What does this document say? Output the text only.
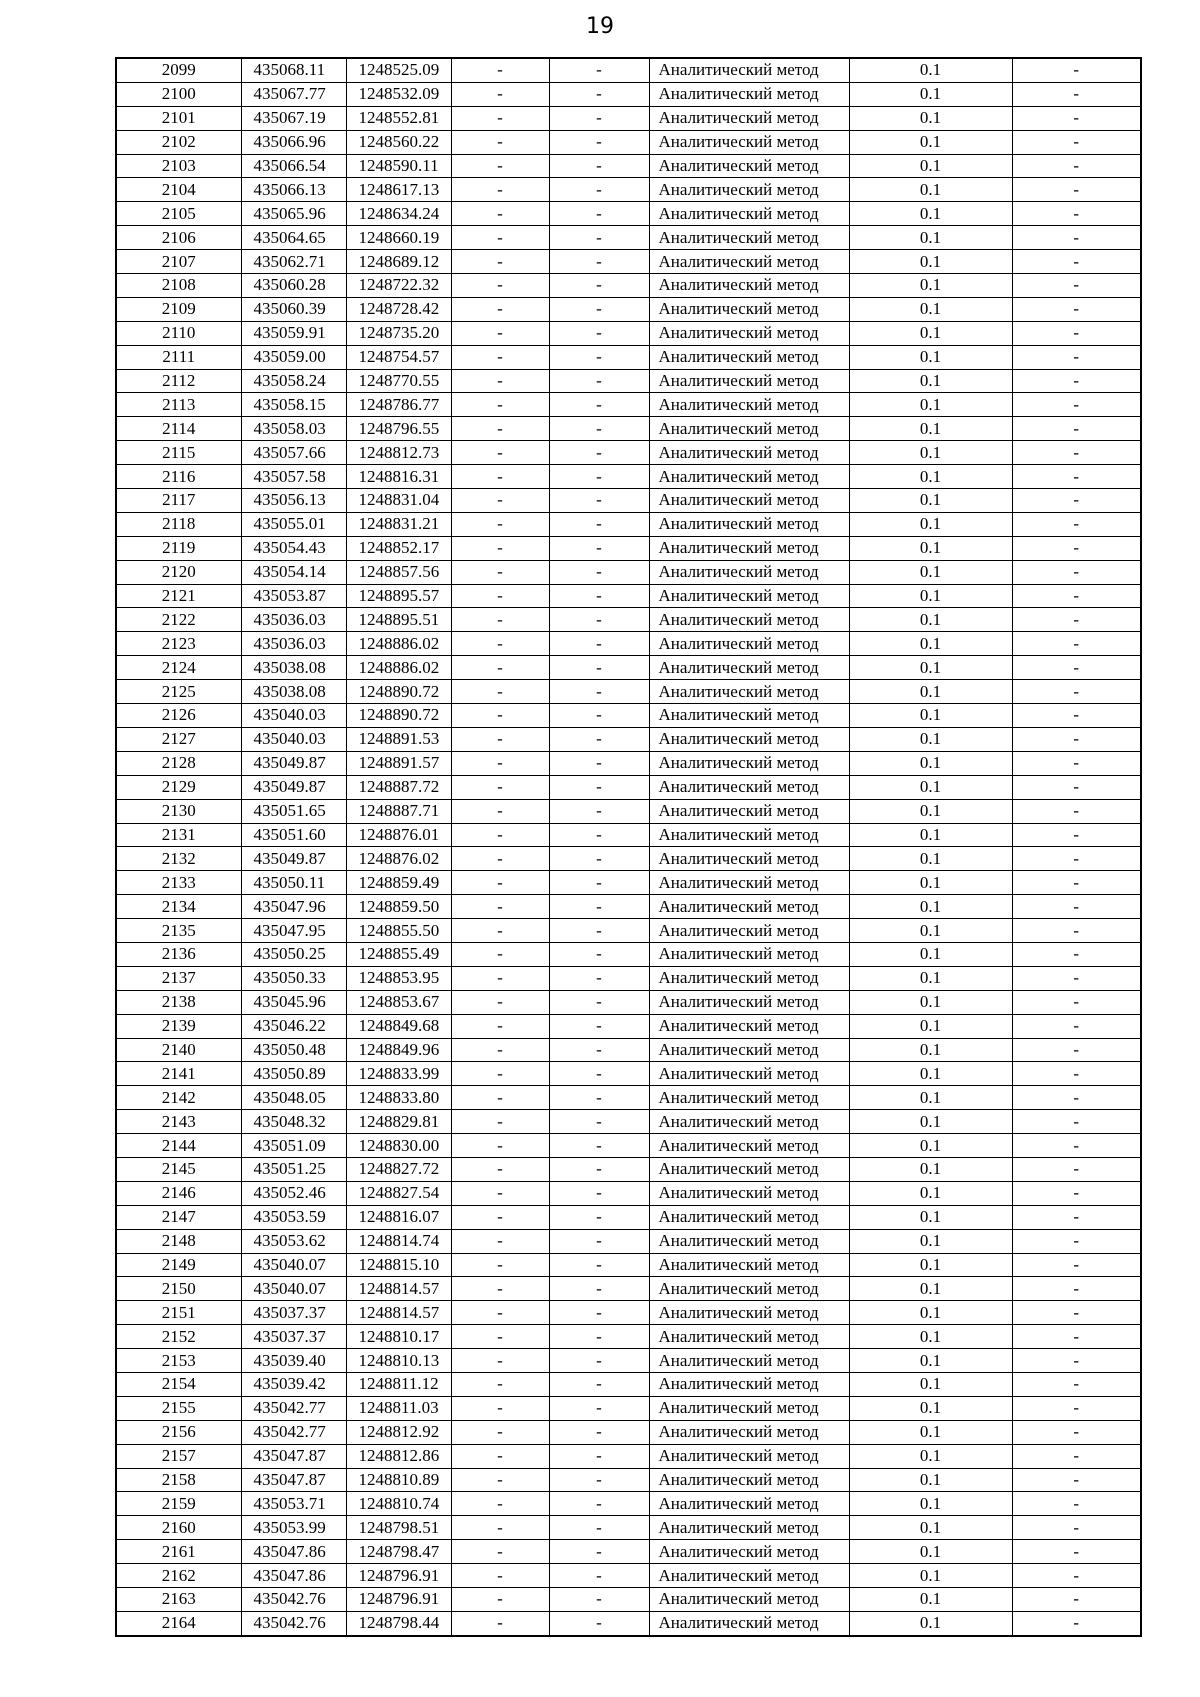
19
2099	435068.11	1248525.09	-	-	Аналитический метод	0.1	-
2100	435067.77	1248532.09	-	-	Аналитический метод	0.1	-
2101	435067.19	1248552.81	-	-	Аналитический метод	0.1	-
2102	435066.96	1248560.22	-	-	Аналитический метод	0.1	-
2103	435066.54	1248590.11	-	-	Аналитический метод	0.1	-
2104	435066.13	1248617.13	-	-	Аналитический метод	0.1	-
2105	435065.96	1248634.24	-	-	Аналитический метод	0.1	-
2106	435064.65	1248660.19	-	-	Аналитический метод	0.1	-
2107	435062.71	1248689.12	-	-	Аналитический метод	0.1	-
2108	435060.28	1248722.32	-	-	Аналитический метод	0.1	-
2109	435060.39	1248728.42	-	-	Аналитический метод	0.1	-
2110	435059.91	1248735.20	-	-	Аналитический метод	0.1	-
2111	435059.00	1248754.57	-	-	Аналитический метод	0.1	-
2112	435058.24	1248770.55	-	-	Аналитический метод	0.1	-
2113	435058.15	1248786.77	-	-	Аналитический метод	0.1	-
2114	435058.03	1248796.55	-	-	Аналитический метод	0.1	-
2115	435057.66	1248812.73	-	-	Аналитический метод	0.1	-
2116	435057.58	1248816.31	-	-	Аналитический метод	0.1	-
2117	435056.13	1248831.04	-	-	Аналитический метод	0.1	-
2118	435055.01	1248831.21	-	-	Аналитический метод	0.1	-
2119	435054.43	1248852.17	-	-	Аналитический метод	0.1	-
2120	435054.14	1248857.56	-	-	Аналитический метод	0.1	-
2121	435053.87	1248895.57	-	-	Аналитический метод	0.1	-
2122	435036.03	1248895.51	-	-	Аналитический метод	0.1	-
2123	435036.03	1248886.02	-	-	Аналитический метод	0.1	-
2124	435038.08	1248886.02	-	-	Аналитический метод	0.1	-
2125	435038.08	1248890.72	-	-	Аналитический метод	0.1	-
2126	435040.03	1248890.72	-	-	Аналитический метод	0.1	-
2127	435040.03	1248891.53	-	-	Аналитический метод	0.1	-
2128	435049.87	1248891.57	-	-	Аналитический метод	0.1	-
2129	435049.87	1248887.72	-	-	Аналитический метод	0.1	-
2130	435051.65	1248887.71	-	-	Аналитический метод	0.1	-
2131	435051.60	1248876.01	-	-	Аналитический метод	0.1	-
2132	435049.87	1248876.02	-	-	Аналитический метод	0.1	-
2133	435050.11	1248859.49	-	-	Аналитический метод	0.1	-
2134	435047.96	1248859.50	-	-	Аналитический метод	0.1	-
2135	435047.95	1248855.50	-	-	Аналитический метод	0.1	-
2136	435050.25	1248855.49	-	-	Аналитический метод	0.1	-
2137	435050.33	1248853.95	-	-	Аналитический метод	0.1	-
2138	435045.96	1248853.67	-	-	Аналитический метод	0.1	-
2139	435046.22	1248849.68	-	-	Аналитический метод	0.1	-
2140	435050.48	1248849.96	-	-	Аналитический метод	0.1	-
2141	435050.89	1248833.99	-	-	Аналитический метод	0.1	-
2142	435048.05	1248833.80	-	-	Аналитический метод	0.1	-
2143	435048.32	1248829.81	-	-	Аналитический метод	0.1	-
2144	435051.09	1248830.00	-	-	Аналитический метод	0.1	-
2145	435051.25	1248827.72	-	-	Аналитический метод	0.1	-
2146	435052.46	1248827.54	-	-	Аналитический метод	0.1	-
2147	435053.59	1248816.07	-	-	Аналитический метод	0.1	-
2148	435053.62	1248814.74	-	-	Аналитический метод	0.1	-
2149	435040.07	1248815.10	-	-	Аналитический метод	0.1	-
2150	435040.07	1248814.57	-	-	Аналитический метод	0.1	-
2151	435037.37	1248814.57	-	-	Аналитический метод	0.1	-
2152	435037.37	1248810.17	-	-	Аналитический метод	0.1	-
2153	435039.40	1248810.13	-	-	Аналитический метод	0.1	-
2154	435039.42	1248811.12	-	-	Аналитический метод	0.1	-
2155	435042.77	1248811.03	-	-	Аналитический метод	0.1	-
2156	435042.77	1248812.92	-	-	Аналитический метод	0.1	-
2157	435047.87	1248812.86	-	-	Аналитический метод	0.1	-
2158	435047.87	1248810.89	-	-	Аналитический метод	0.1	-
2159	435053.71	1248810.74	-	-	Аналитический метод	0.1	-
2160	435053.99	1248798.51	-	-	Аналитический метод	0.1	-
2161	435047.86	1248798.47	-	-	Аналитический метод	0.1	-
2162	435047.86	1248796.91	-	-	Аналитический метод	0.1	-
2163	435042.76	1248796.91	-	-	Аналитический метод	0.1	-
2164	435042.76	1248798.44	-	-	Аналитический метод	0.1	-
